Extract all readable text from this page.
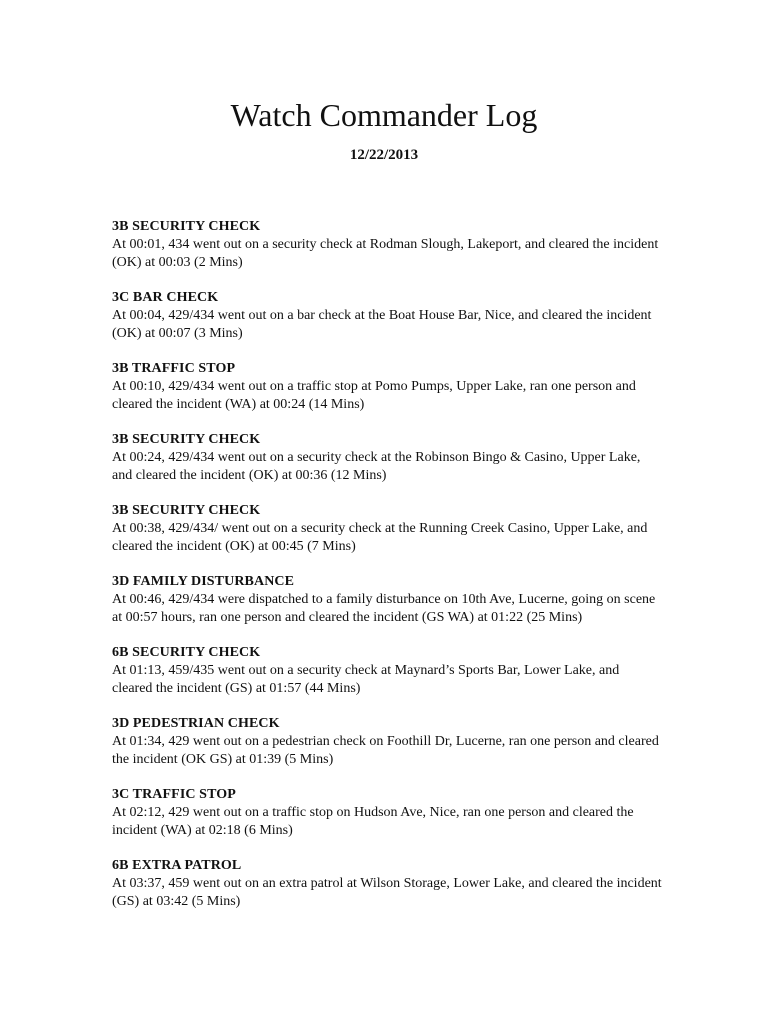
Watch Commander Log
12/22/2013
3B SECURITY CHECK
At 00:01, 434 went out on a security check at Rodman Slough, Lakeport, and cleared the incident (OK) at 00:03 (2 Mins)
3C BAR CHECK
At 00:04, 429/434 went out on a bar check at the Boat House Bar, Nice, and cleared the incident (OK) at 00:07 (3 Mins)
3B TRAFFIC STOP
At 00:10, 429/434 went out on a traffic stop at Pomo Pumps, Upper Lake, ran one person and cleared the incident (WA) at 00:24 (14 Mins)
3B SECURITY CHECK
At 00:24, 429/434 went out on a security check at the Robinson Bingo & Casino, Upper Lake, and cleared the incident (OK) at 00:36 (12 Mins)
3B SECURITY CHECK
At 00:38, 429/434/ went out on a security check at the Running Creek Casino, Upper Lake, and cleared the incident (OK) at 00:45 (7 Mins)
3D FAMILY DISTURBANCE
At 00:46, 429/434 were dispatched to a family disturbance on 10th Ave, Lucerne, going on scene at 00:57 hours, ran one person and cleared the incident (GS WA) at 01:22 (25 Mins)
6B SECURITY CHECK
At 01:13, 459/435 went out on a security check at Maynard’s Sports Bar, Lower Lake, and cleared the incident (GS) at 01:57 (44 Mins)
3D PEDESTRIAN CHECK
At 01:34, 429 went out on a pedestrian check on Foothill Dr, Lucerne, ran one person and cleared the incident (OK GS) at 01:39 (5 Mins)
3C TRAFFIC STOP
At 02:12, 429 went out on a traffic stop on Hudson Ave, Nice, ran one person and cleared the incident (WA) at 02:18 (6 Mins)
6B EXTRA PATROL
At 03:37, 459 went out on an extra patrol at Wilson Storage, Lower Lake, and cleared the incident (GS) at 03:42 (5 Mins)
